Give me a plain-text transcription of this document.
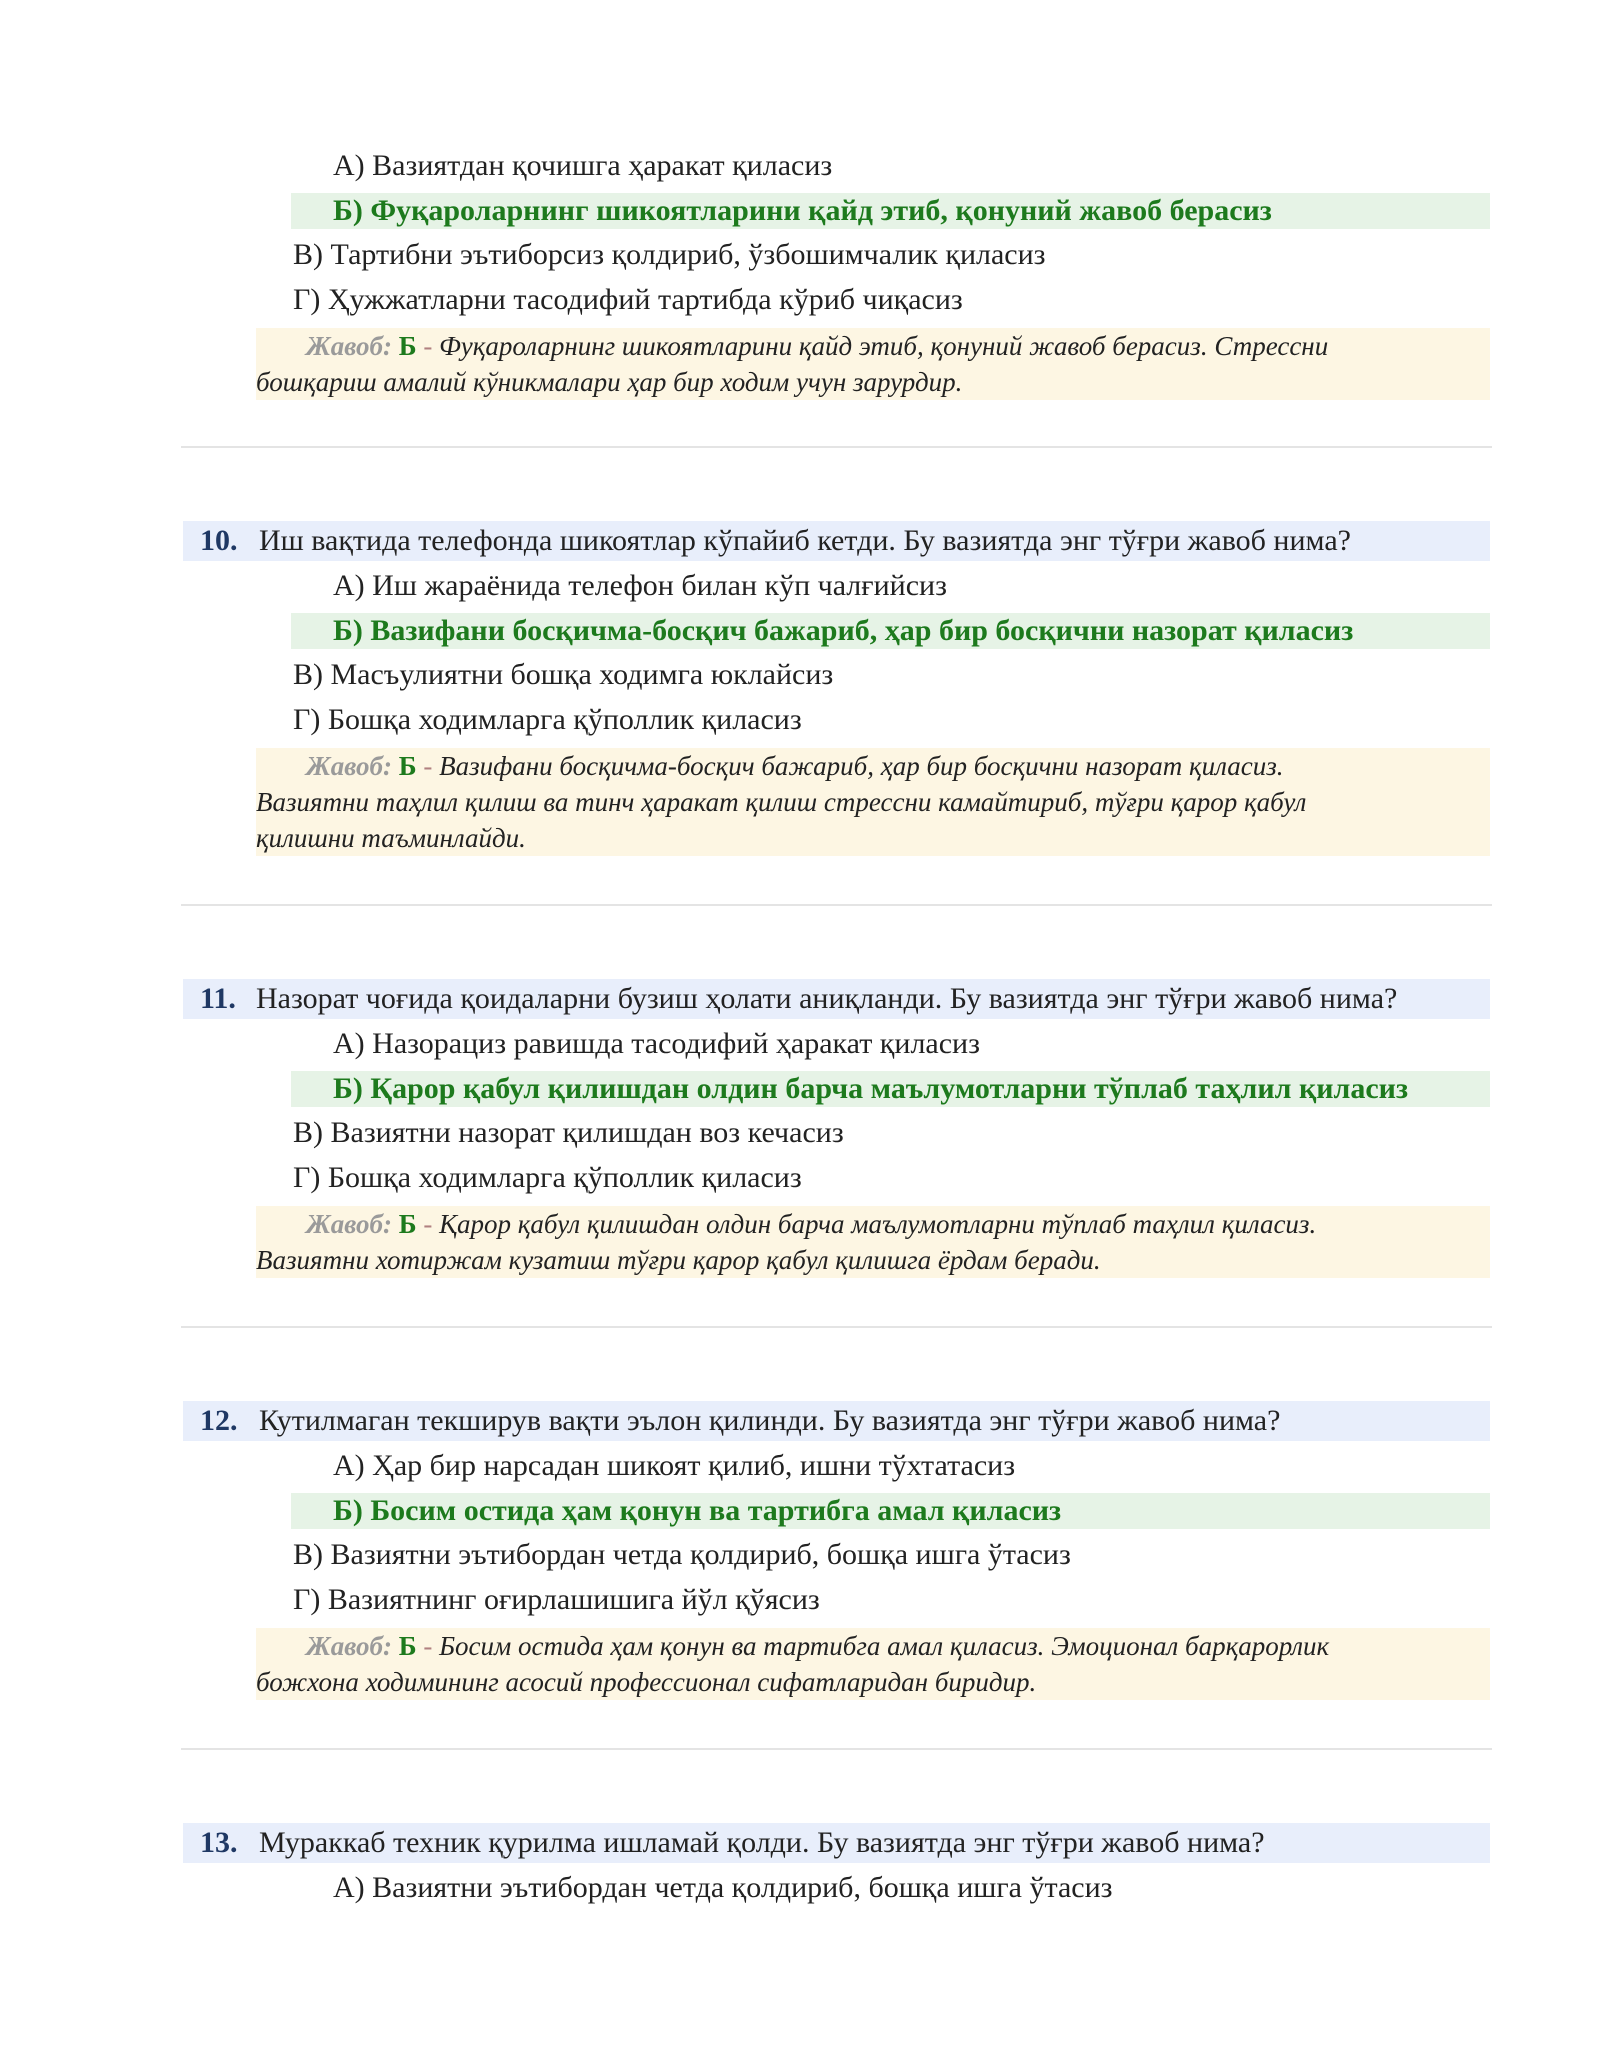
А) Вазиятдан қочишга ҳаракат қиласиз
Б) Фуқароларнинг шикоятларини қайд этиб, қонуний жавоб берасиз
В) Тартибни эътиборсиз қолдириб, ўзбошимчалик қиласиз
Г) Ҳужжатларни тасодифий тартибда кўриб чиқасиз
Жавоб: Б - Фуқароларнинг шикоятларини қайд этиб, қонуний жавоб берасиз. Стрессни
бошқариш амалий кўникмалари ҳар бир ходим учун зарурдир.
10. Иш вақтида телефонда шикоятлар кўпайиб кетди. Бу вазиятда энг тўғри жавоб нима?
А) Иш жараёнида телефон билан кўп чалғийсиз
Б) Вазифани босқичма-босқич бажариб, ҳар бир босқични назорат қиласиз
В) Масъулиятни бошқа ходимга юклайсиз
Г) Бошқа ходимларга қўполлик қиласиз
Жавоб: Б - Вазифани босқичма-босқич бажариб, ҳар бир босқични назорат қиласиз.
Вазиятни таҳлил қилиш ва тинч ҳаракат қилиш стрессни камайтириб, тўғри қарор қабул
қилишни таъминлайди.
11. Назорат чоғида қоидаларни бузиш ҳолати аниқланди. Бу вазиятда энг тўғри жавоб нима?
А) Назорациз равишда тасодифий ҳаракат қиласиз
Б) Қарор қабул қилишдан олдин барча маълумотларни тўплаб таҳлил қиласиз
В) Вазиятни назорат қилишдан воз кечасиз
Г) Бошқа ходимларга қўполлик қиласиз
Жавоб: Б - Қарор қабул қилишдан олдин барча маълумотларни тўплаб таҳлил қиласиз.
Вазиятни хотиржам кузатиш тўғри қарор қабул қилишга ёрдам беради.
12. Кутилмаган текширув вақти эълон қилинди. Бу вазиятда энг тўғри жавоб нима?
А) Ҳар бир нарсадан шикоят қилиб, ишни тўхтатасиз
Б) Босим остида ҳам қонун ва тартибга амал қиласиз
В) Вазиятни эътибордан четда қолдириб, бошқа ишга ўтасиз
Г) Вазиятнинг оғирлашишига йўл қўясиз
Жавоб: Б - Босим остида ҳам қонун ва тартибга амал қиласиз. Эмоционал барқарорлик
божхона ходимининг асосий профессионал сифатларидан биридир.
13. Мураккаб техник қурилма ишламай қолди. Бу вазиятда энг тўғри жавоб нима?
А) Вазиятни эътибордан четда қолдириб, бошқа ишга ўтасиз
